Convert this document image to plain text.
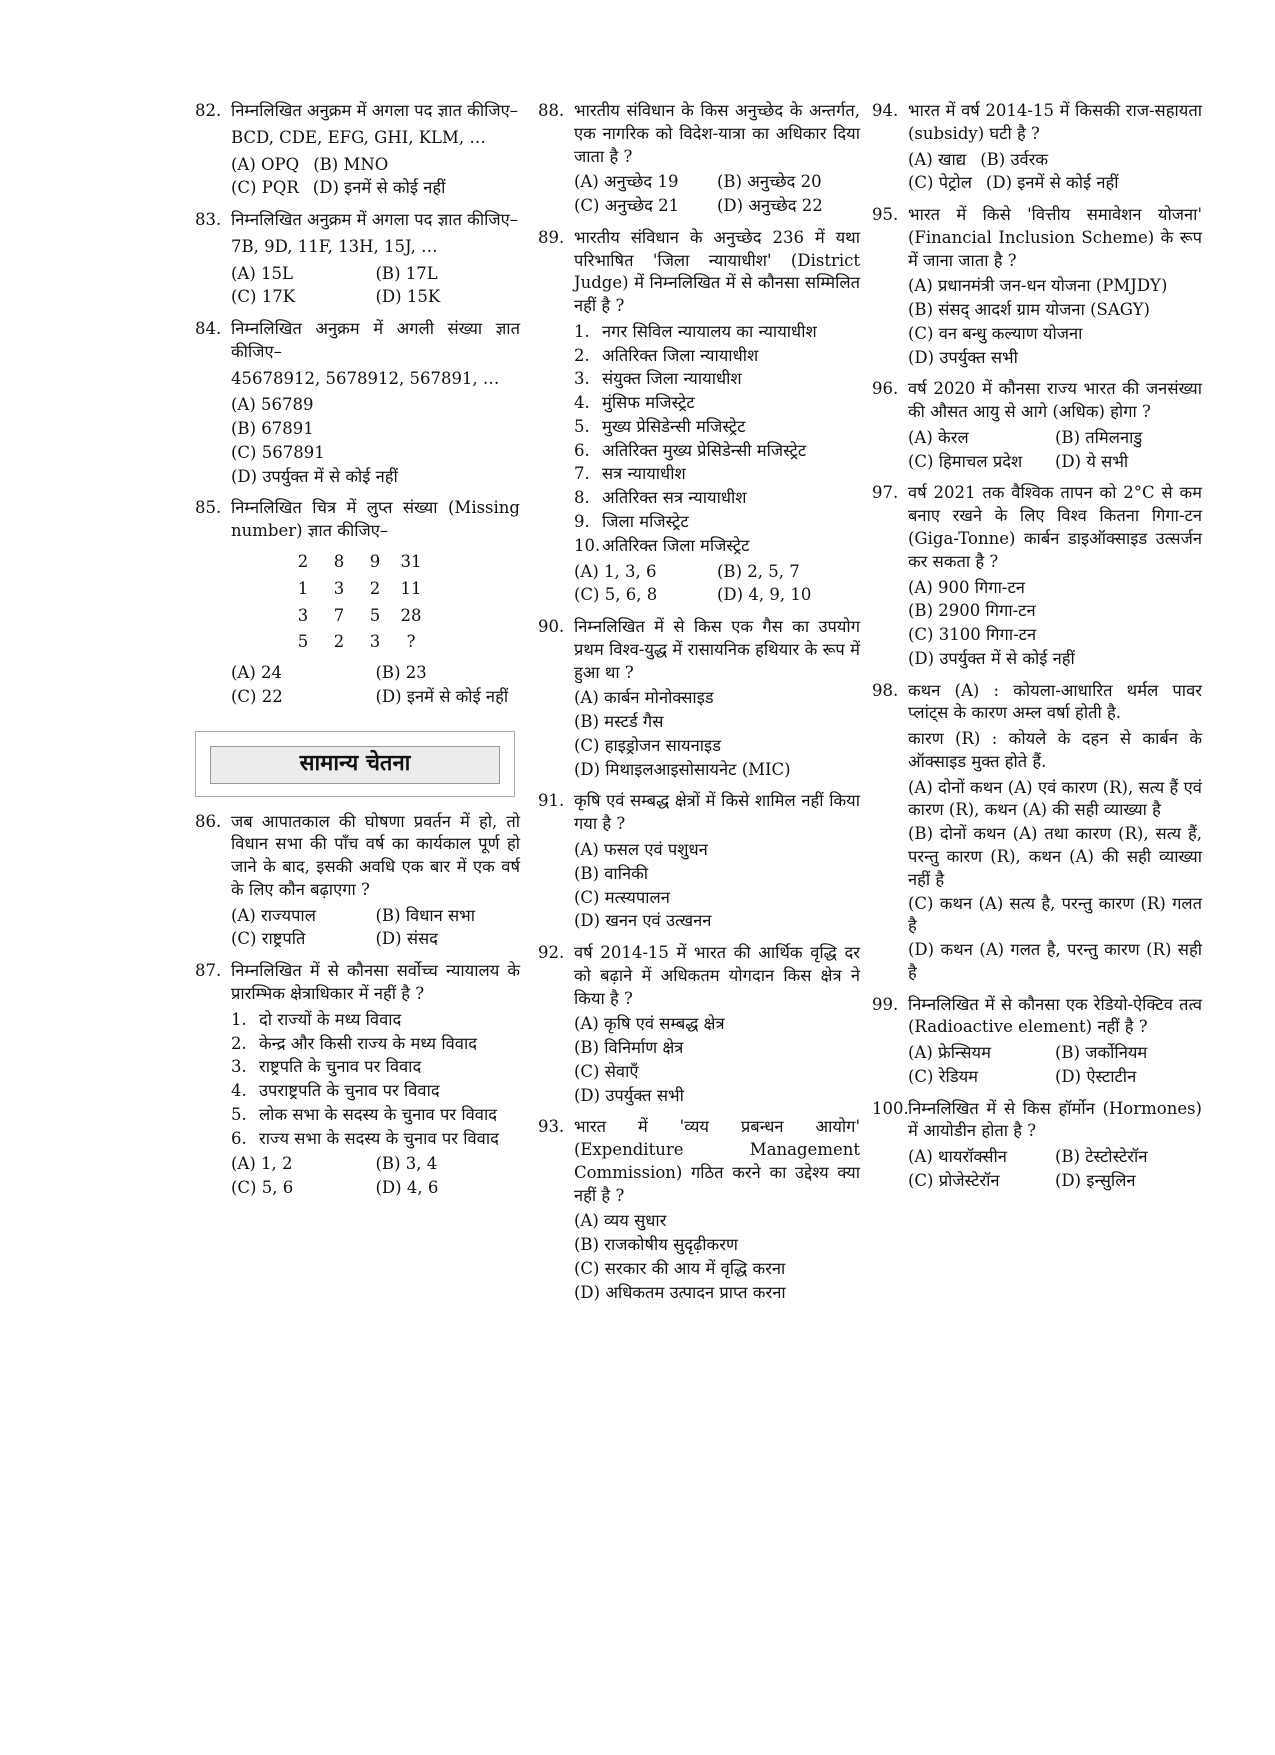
82. निम्नलिखित अनुक्रम में अगला पद ज्ञात कीजिए–

BCD, CDE, EFG, GHI, KLM, …
(A) OPQ (B) MNO
(C) PQR (D) इनमें से कोई नहीं
83. निम्नलिखित अनुक्रम में अगला पद ज्ञात कीजिए–

7B, 9D, 11F, 13H, 15J, …
(A) 15L	(B) 17L
(C) 17K	(D) 15K
84. निम्नलिखित अनुक्रम में अगली संख्या ज्ञात कीजिए–

45678912, 5678912, 567891, …
(A) 56789
(B) 67891
(C) 567891
(D) उपर्युक्त में से कोई नहीं
85. निम्नलिखित चित्र में लुप्त संख्या (Missing number) ज्ञात कीजिए–

2	8	9	31
1	3	2	11
3	7	5	28
5	2	3	?
(A) 24	(B) 23
(C) 22	(D) इनमें से कोई नहीं
सामान्य चेतना
86. जब आपातकाल की घोषणा प्रवर्तन में हो, तो विधान सभा की पाँच वर्ष का कार्यकाल पूर्ण हो जाने के बाद, इसकी अवधि एक बार में एक वर्ष के लिए कौन बढ़ाएगा ?

(A) राज्यपाल	(B) विधान सभा
(C) राष्ट्रपति	(D) संसद
87. निम्नलिखित में से कौनसा सर्वोच्च न्यायालय के प्रारम्भिक क्षेत्राधिकार में नहीं है ?

1. दो राज्यों के मध्य विवाद
2. केन्द्र और किसी राज्य के मध्य विवाद
3. राष्ट्रपति के चुनाव पर विवाद
4. उपराष्ट्रपति के चुनाव पर विवाद
5. लोक सभा के सदस्य के चुनाव पर विवाद
6. राज्य सभा के सदस्य के चुनाव पर विवाद
(A) 1, 2	(B) 3, 4
(C) 5, 6	(D) 4, 6
88. भारतीय संविधान के किस अनुच्छेद के अन्तर्गत, एक नागरिक को विदेश-यात्रा का अधिकार दिया जाता है ?

(A) अनुच्छेद 19	(B) अनुच्छेद 20
(C) अनुच्छेद 21	(D) अनुच्छेद 22
89. भारतीय संविधान के अनुच्छेद 236 में यथा परिभाषित 'जिला न्यायाधीश' (District Judge) में निम्नलिखित में से कौनसा सम्मिलित नहीं है ?

1. नगर सिविल न्यायालय का न्यायाधीश
2. अतिरिक्त जिला न्यायाधीश
3. संयुक्त जिला न्यायाधीश
4. मुंसिफ मजिस्ट्रेट
5. मुख्य प्रेसिडेन्सी मजिस्ट्रेट
6. अतिरिक्त मुख्य प्रेसिडेन्सी मजिस्ट्रेट
7. सत्र न्यायाधीश
8. अतिरिक्त सत्र न्यायाधीश
9. जिला मजिस्ट्रेट
10. अतिरिक्त जिला मजिस्ट्रेट
(A) 1, 3, 6	(B) 2, 5, 7
(C) 5, 6, 8	(D) 4, 9, 10
90. निम्नलिखित में से किस एक गैस का उपयोग प्रथम विश्व-युद्ध में रासायनिक हथियार के रूप में हुआ था ?

(A) कार्बन मोनोक्साइड
(B) मस्टर्ड गैस
(C) हाइड्रोजन सायनाइड
(D) मिथाइलआइसोसायनेट (MIC)
91. कृषि एवं सम्बद्ध क्षेत्रों में किसे शामिल नहीं किया गया है ?

(A) फसल एवं पशुधन
(B) वानिकी
(C) मत्स्यपालन
(D) खनन एवं उत्खनन
92. वर्ष 2014-15 में भारत की आर्थिक वृद्धि दर को बढ़ाने में अधिकतम योगदान किस क्षेत्र ने किया है ?

(A) कृषि एवं सम्बद्ध क्षेत्र
(B) विनिर्माण क्षेत्र
(C) सेवाएँ
(D) उपर्युक्त सभी
93. भारत में 'व्यय प्रबन्धन आयोग' (Expenditure Management Commission) गठित करने का उद्देश्य क्या नहीं है ?

(A) व्यय सुधार
(B) राजकोषीय सुदृढ़ीकरण
(C) सरकार की आय में वृद्धि करना
(D) अधिकतम उत्पादन प्राप्त करना
94. भारत में वर्ष 2014-15 में किसकी राज-सहायता (subsidy) घटी है ?

(A) खाद्य (B) उर्वरक
(C) पेट्रोल (D) इनमें से कोई नहीं
95. भारत में किसे 'वित्तीय समावेशन योजना' (Financial Inclusion Scheme) के रूप में जाना जाता है ?

(A) प्रधानमंत्री जन-धन योजना (PMJDY)
(B) संसद् आदर्श ग्राम योजना (SAGY)
(C) वन बन्धु कल्याण योजना
(D) उपर्युक्त सभी
96. वर्ष 2020 में कौनसा राज्य भारत की जनसंख्या की औसत आयु से आगे (अधिक) होगा ?

(A) केरल	(B) तमिलनाडु
(C) हिमाचल प्रदेश	(D) ये सभी
97. वर्ष 2021 तक वैश्विक तापन को 2°C से कम बनाए रखने के लिए विश्व कितना गिगा-टन (Giga-Tonne) कार्बन डाइऑक्साइड उत्सर्जन कर सकता है ?

(A) 900 गिगा-टन
(B) 2900 गिगा-टन
(C) 3100 गिगा-टन
(D) उपर्युक्त में से कोई नहीं
98. कथन (A) : कोयला-आधारित थर्मल पावर प्लांट्स के कारण अम्ल वर्षा होती है.

कारण (R) : कोयले के दहन से कार्बन के ऑक्साइड मुक्त होते हैं.

(A) दोनों कथन (A) एवं कारण (R), सत्य हैं एवं कारण (R), कथन (A) की सही व्याख्या है
(B) दोनों कथन (A) तथा कारण (R), सत्य हैं, परन्तु कारण (R), कथन (A) की सही व्याख्या नहीं है
(C) कथन (A) सत्य है, परन्तु कारण (R) गलत है
(D) कथन (A) गलत है, परन्तु कारण (R) सही है
99. निम्नलिखित में से कौनसा एक रेडियो-ऐक्टिव तत्व (Radioactive element) नहीं है ?

(A) फ्रेन्सियम	(B) जर्कोनियम
(C) रेडियम	(D) ऐस्टाटीन
100. निम्नलिखित में से किस हॉर्मोन (Hormones) में आयोडीन होता है ?

(A) थायरॉक्सीन	(B) टेस्टोस्टेरॉन
(C) प्रोजेस्टेरॉन	(D) इन्सुलिन
